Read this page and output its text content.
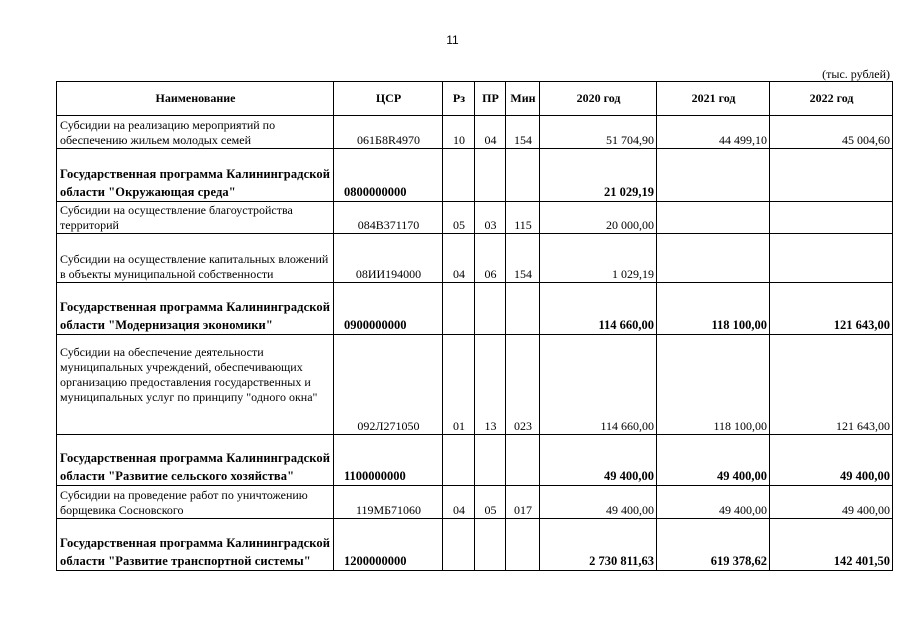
11
(тыс. рублей)
Наименование	ЦСР	Рз	ПР	Мин	2020 год	2021 год	2022 год
Субсидии на реализацию мероприятий по обеспечению жильем молодых семей	061Б8R4970	10	04	154	51 704,90	44 499,10	45 004,60
Государственная программа Калининградской области "Окружающая среда"	0800000000				21 029,19		
Субсидии на осуществление благоустройства территорий	084B371170	05	03	115	20 000,00		
Субсидии на осуществление капитальных вложений в объекты муниципальной собственности	08ИИ194000	04	06	154	1 029,19		
Государственная программа Калининградской области "Модернизация экономики"	0900000000				114 660,00	118 100,00	121 643,00
Субсидии на обеспечение деятельности муниципальных учреждений, обеспечивающих организацию предоставления государственных и муниципальных услуг по принципу "одного окна"	092Л271050	01	13	023	114 660,00	118 100,00	121 643,00
Государственная программа Калининградской области "Развитие сельского хозяйства"	1100000000				49 400,00	49 400,00	49 400,00
Субсидии на проведение работ по уничтожению борщевика Сосновского	119МБ71060	04	05	017	49 400,00	49 400,00	49 400,00
Государственная программа Калининградской области "Развитие транспортной системы"	1200000000				2 730 811,63	619 378,62	142 401,50
